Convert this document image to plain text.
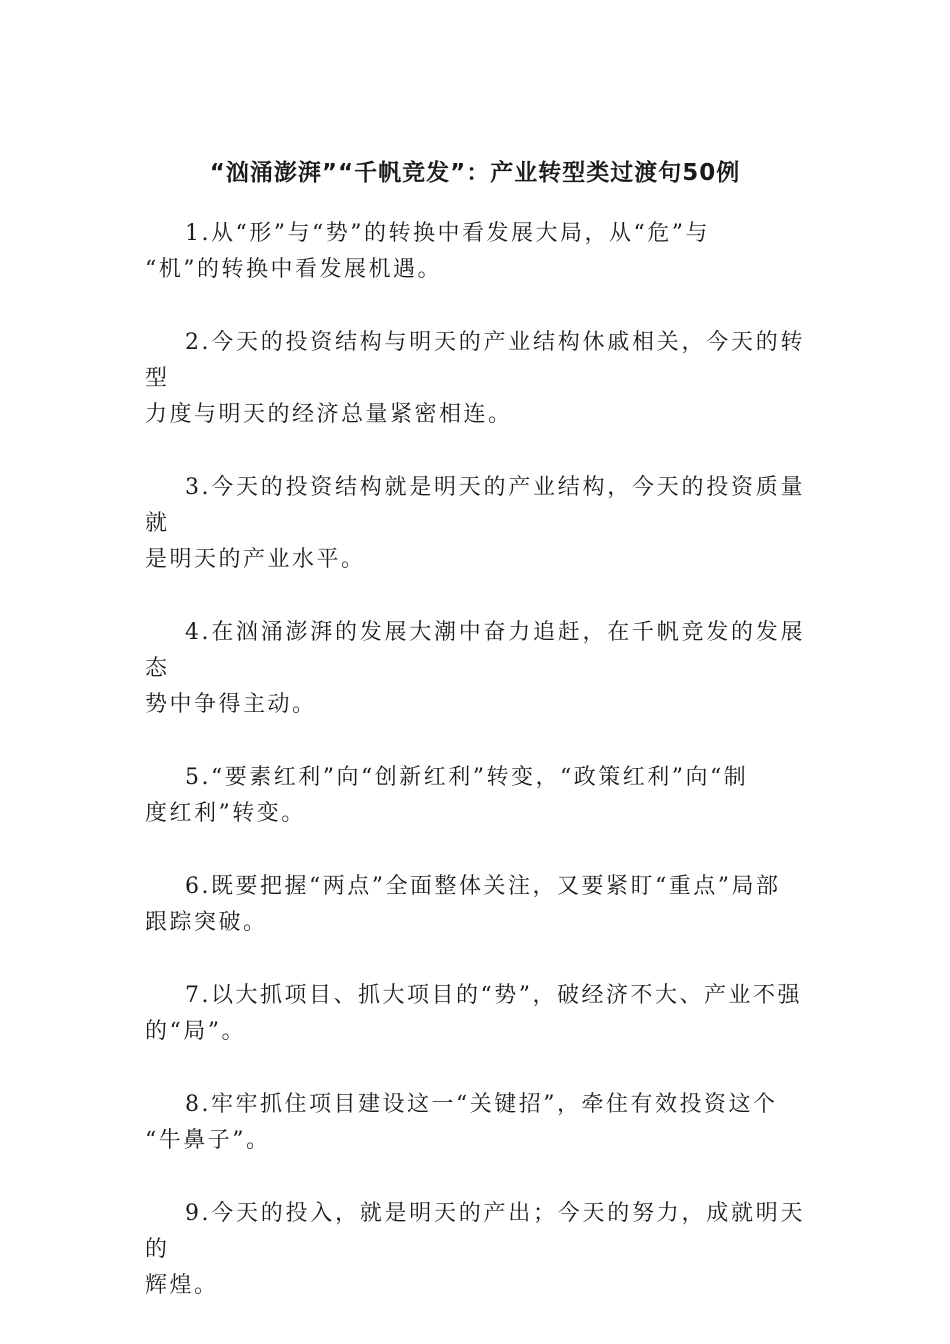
“汹涌澎湃”“千帆竞发”：产业转型类过渡句50例
1.从“形”与“势”的转换中看发展大局，从“危”与
“机”的转换中看发展机遇。
2.今天的投资结构与明天的产业结构休戚相关，今天的转型
力度与明天的经济总量紧密相连。
3.今天的投资结构就是明天的产业结构，今天的投资质量就
是明天的产业水平。
4.在汹涌澎湃的发展大潮中奋力追赶，在千帆竞发的发展态
势中争得主动。
5.“要素红利”向“创新红利”转变，“政策红利”向“制
度红利”转变。
6.既要把握“两点”全面整体关注，又要紧盯“重点”局部
跟踪突破。
7.以大抓项目、抓大项目的“势”，破经济不大、产业不强
的“局”。
8.牢牢抓住项目建设这一“关键招”，牵住有效投资这个
“牛鼻子”。
9.今天的投入，就是明天的产出；今天的努力，成就明天的
辉煌。
